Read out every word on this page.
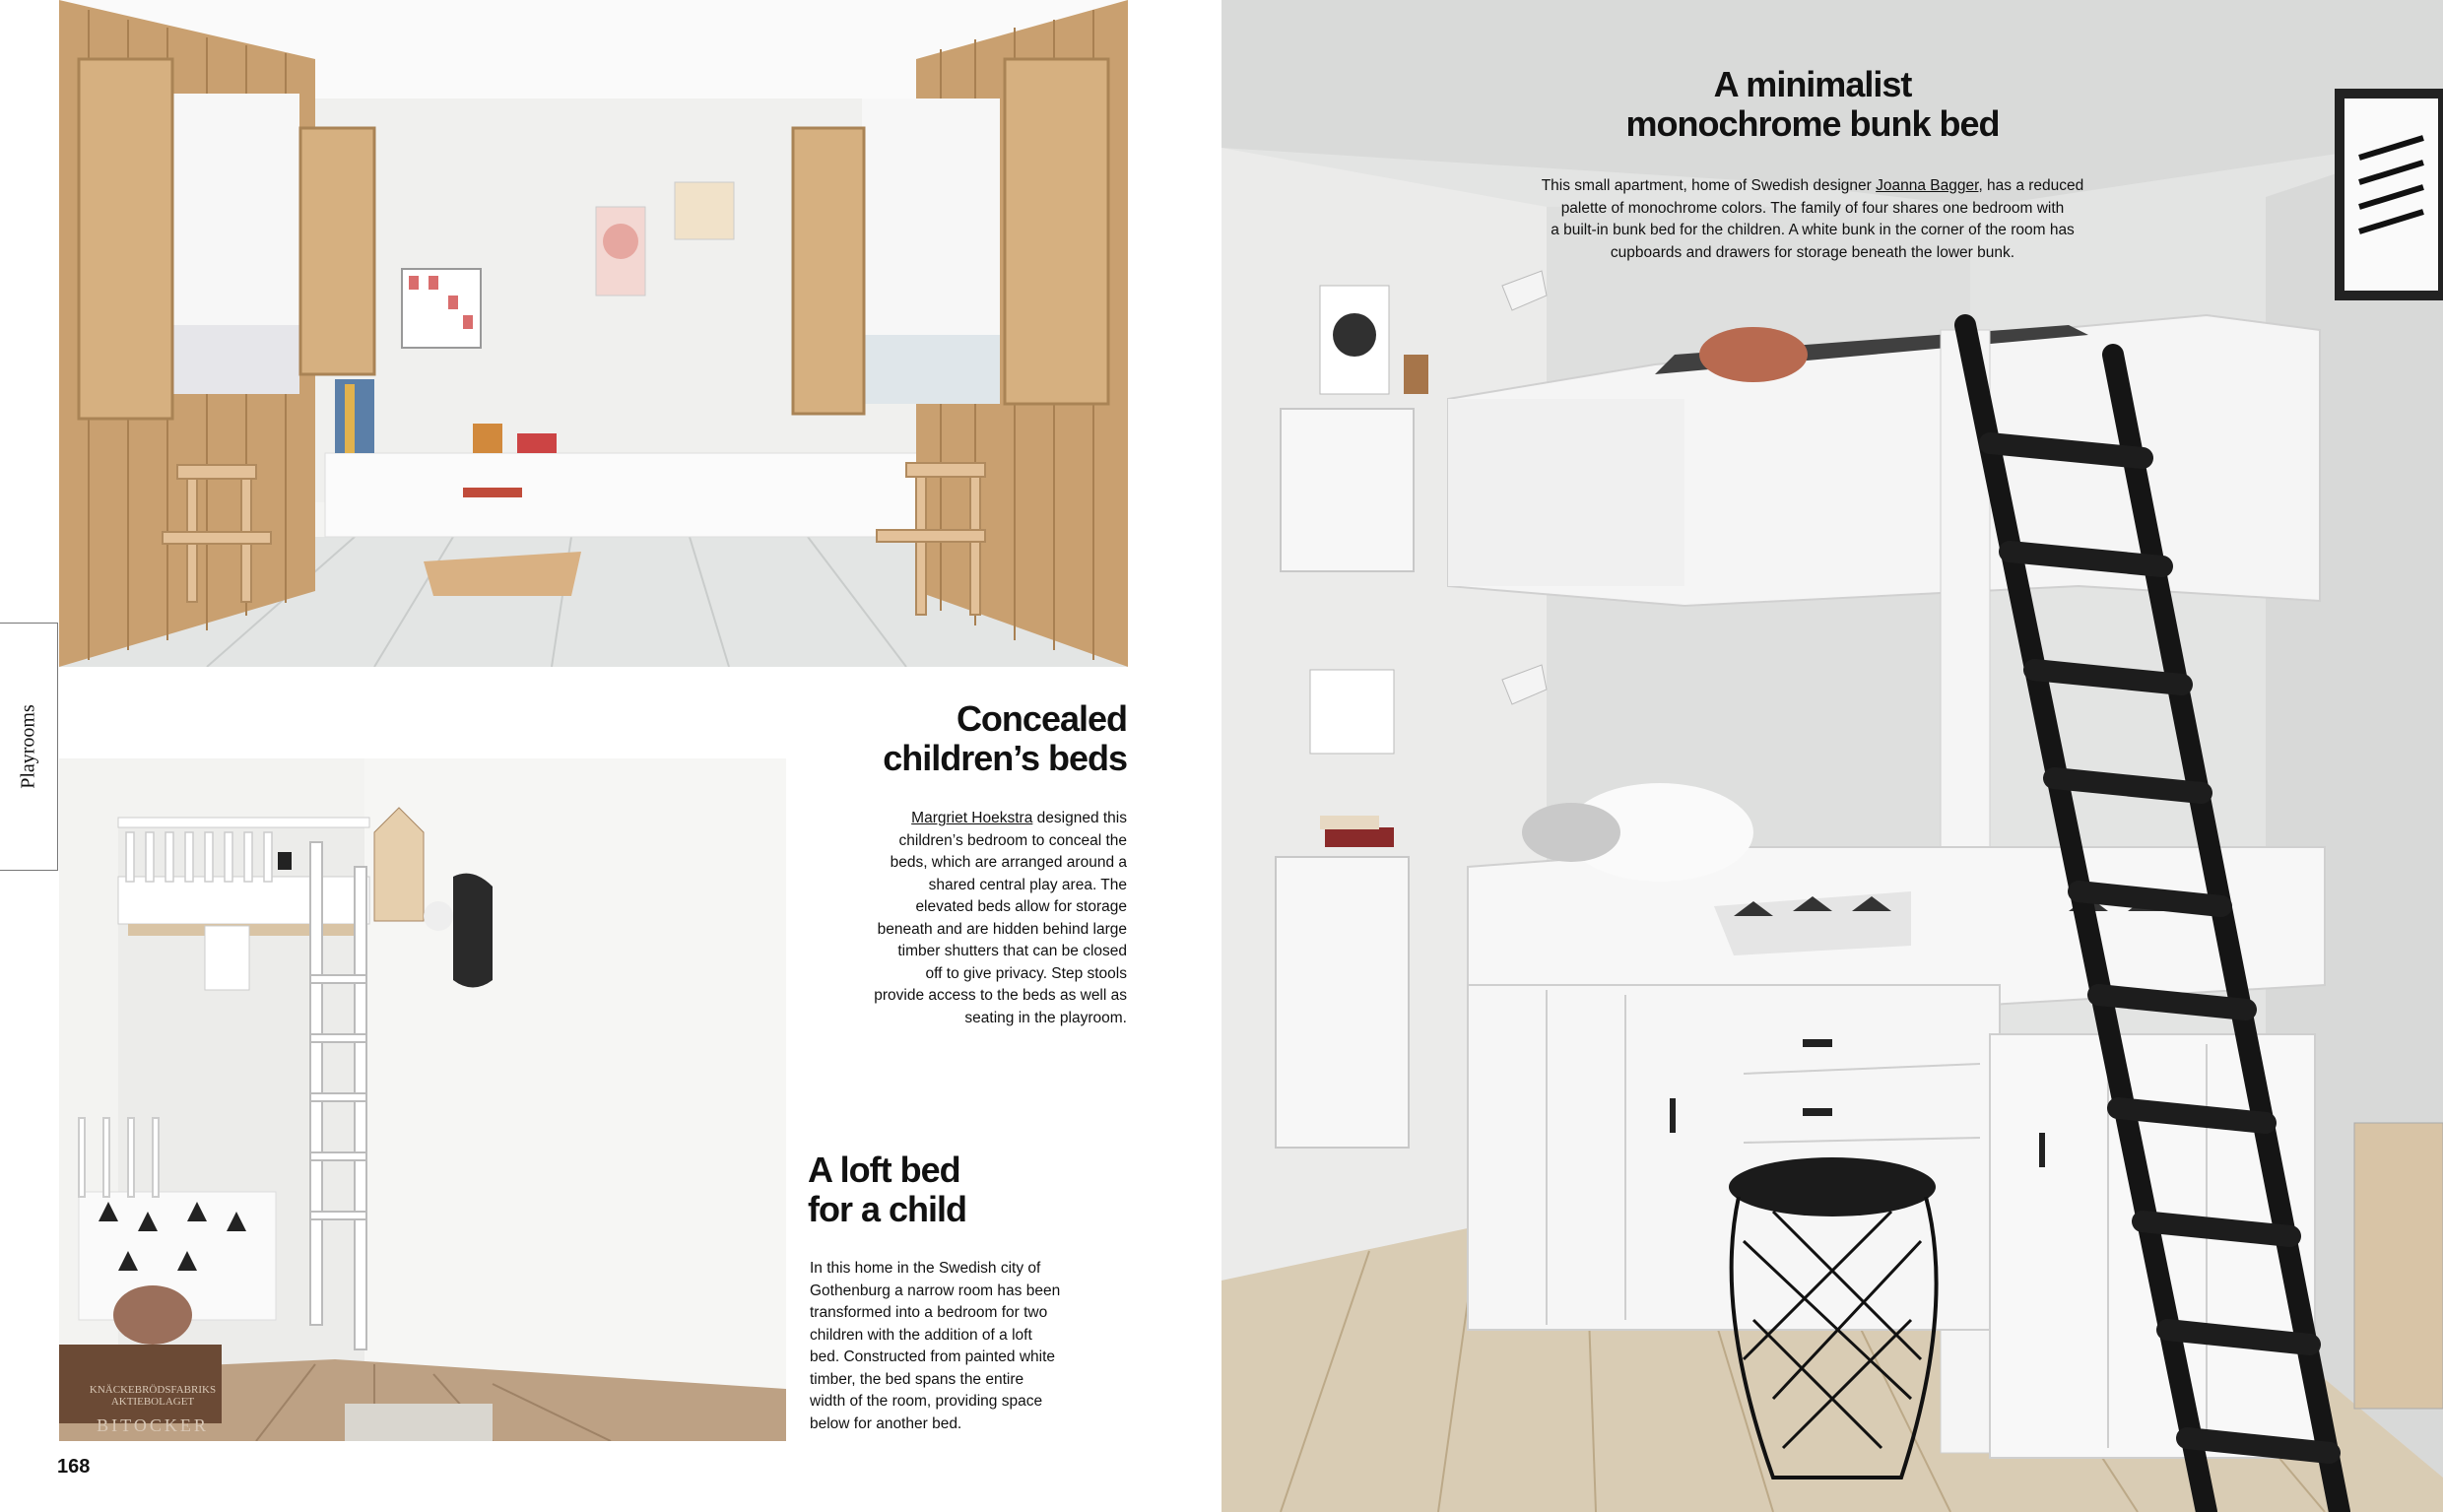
KNÄCKEBRÖDSFABRIKS AKTIEBOLAGET
BITOCKER
Playrooms	Concealed
children’s beds
Margriet Hoekstra designed this
children’s bedroom to conceal the
beds, which are arranged around a
shared central play area. The
elevated beds allow for storage
beneath and are hidden behind large
timber shutters that can be closed
off to give privacy. Step stools
provide access to the beds as well as
seating in the playroom.
A loft bed
for a child
In this home in the Swedish city of
Gothenburg a narrow room has been
transformed into a bedroom for two
children with the addition of a loft
bed. Constructed from painted white
timber, the bed spans the entire
width of the room, providing space
below for another bed.
A minimalist
monochrome bunk bed
This small apartment, home of Swedish designer Joanna Bagger, has a reduced
palette of monochrome colors. The family of four shares one bedroom with
a built-in bunk bed for the children. A white bunk in the corner of the room has
cupboards and drawers for storage beneath the lower bunk.
168
